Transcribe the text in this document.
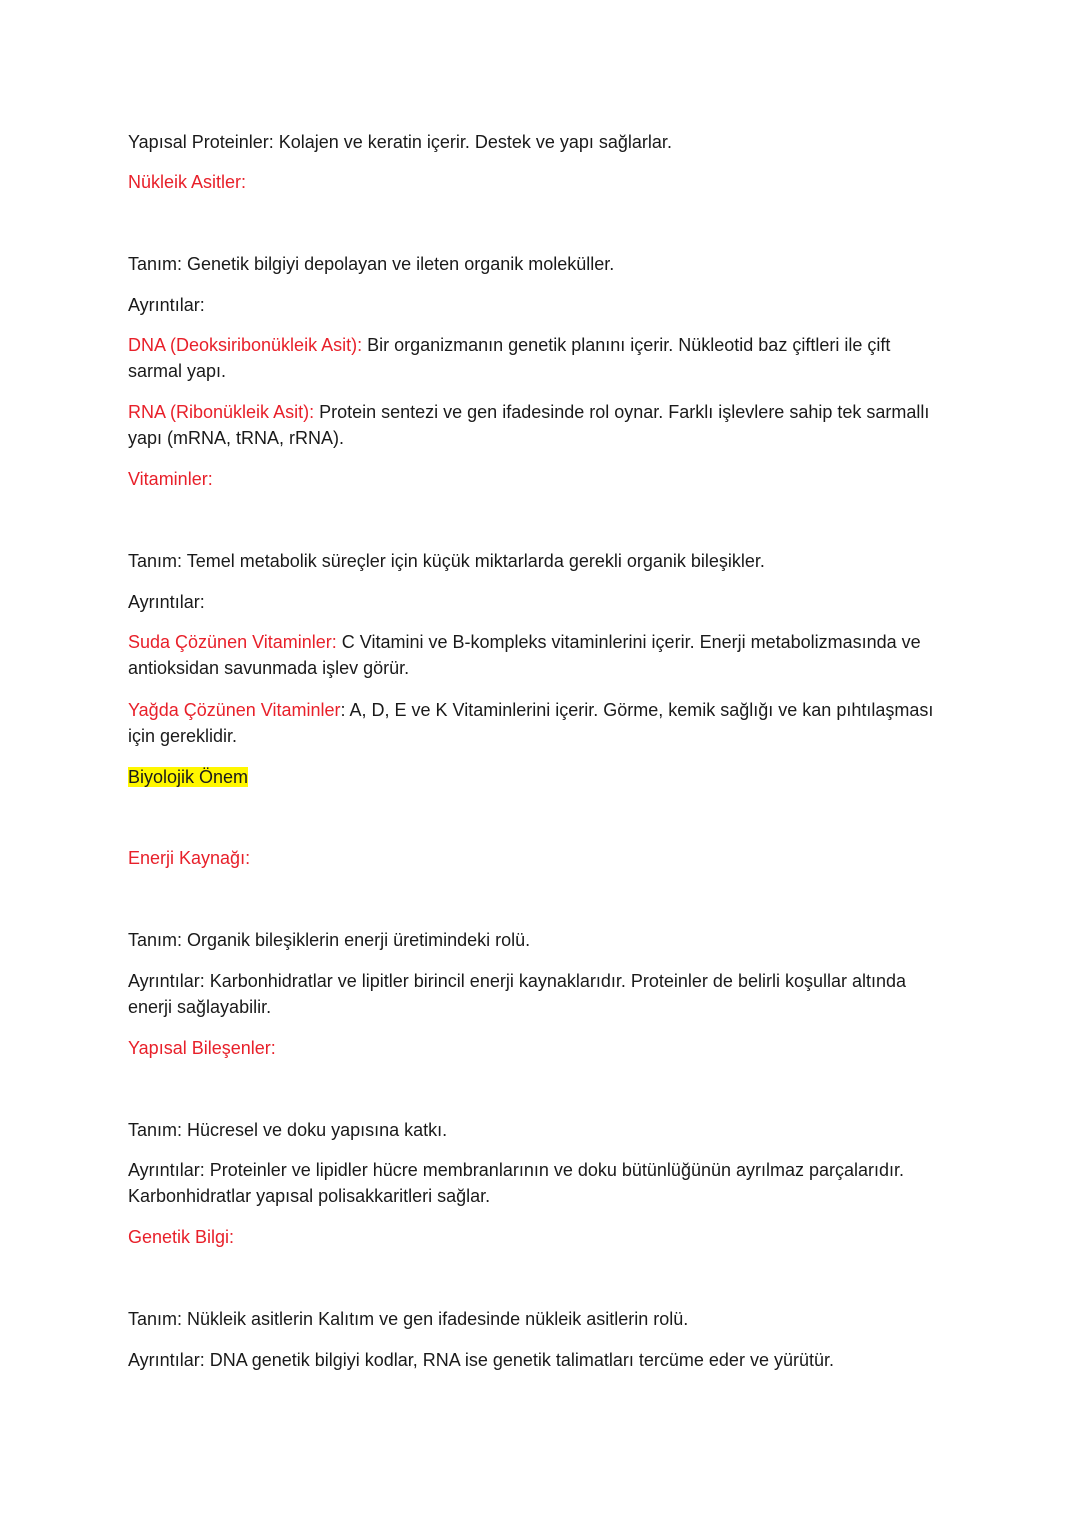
Yapısal Proteinler: Kolajen ve keratin içerir. Destek ve yapı sağlarlar.

Nükleik Asitler:

Tanım: Genetik bilgiyi depolayan ve ileten organik moleküller.

Ayrıntılar:

DNA (Deoksiribonükleik Asit): Bir organizmanın genetik planını içerir. Nükleotid baz çiftleri ile çift
sarmal yapı.

RNA (Ribonükleik Asit): Protein sentezi ve gen ifadesinde rol oynar. Farklı işlevlere sahip tek sarmallı
yapı (mRNA, tRNA, rRNA).

Vitaminler:

Tanım: Temel metabolik süreçler için küçük miktarlarda gerekli organik bileşikler.

Ayrıntılar:

Suda Çözünen Vitaminler: C Vitamini ve B-kompleks vitaminlerini içerir. Enerji metabolizmasında ve
antioksidan savunmada işlev görür.

Yağda Çözünen Vitaminler: A, D, E ve K Vitaminlerini içerir. Görme, kemik sağlığı ve kan pıhtılaşması
için gereklidir.

Biyolojik Önem

Enerji Kaynağı:

Tanım: Organik bileşiklerin enerji üretimindeki rolü.

Ayrıntılar: Karbonhidratlar ve lipitler birincil enerji kaynaklarıdır. Proteinler de belirli koşullar altında
enerji sağlayabilir.

Yapısal Bileşenler:

Tanım: Hücresel ve doku yapısına katkı.

Ayrıntılar: Proteinler ve lipidler hücre membranlarının ve doku bütünlüğünün ayrılmaz parçalarıdır.
Karbonhidratlar yapısal polisakkaritleri sağlar.

Genetik Bilgi:

Tanım: Nükleik asitlerin Kalıtım ve gen ifadesinde nükleik asitlerin rolü.

Ayrıntılar: DNA genetik bilgiyi kodlar, RNA ise genetik talimatları tercüme eder ve yürütür.
